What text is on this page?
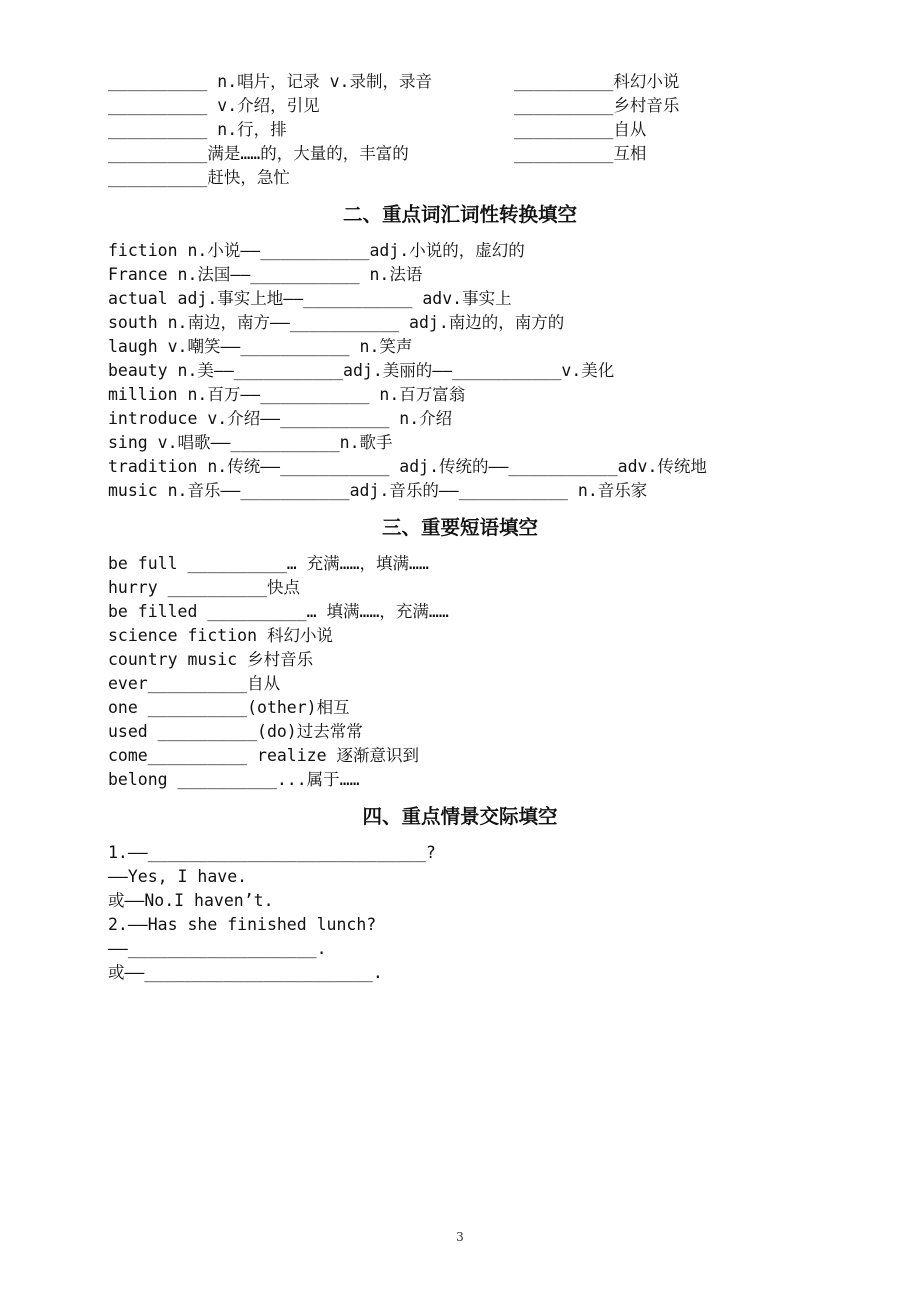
__________ n.唱片，记录 v.录制，录音
__________ v.介绍，引见
__________ n.行，排
__________满是……的，大量的，丰富的
__________赶快，急忙
__________科幻小说
__________乡村音乐
__________自从
__________互相
二、重点词汇词性转换填空
fiction n.小说——___________adj.小说的，虚幻的
France n.法国——___________ n.法语
actual adj.事实上地——___________ adv.事实上
south n.南边，南方——___________ adj.南边的，南方的
laugh v.嘲笑——___________ n.笑声
beauty n.美——___________adj.美丽的——___________v.美化
million n.百万——___________ n.百万富翁
introduce v.介绍——___________ n.介绍
sing v.唱歌——___________n.歌手
tradition n.传统——___________ adj.传统的——___________adv.传统地
music n.音乐——___________adj.音乐的——___________ n.音乐家
三、重要短语填空
be full __________… 充满……，填满……
hurry __________快点
be filled __________… 填满……，充满……
science fiction 科幻小说
country music 乡村音乐
ever__________自从
one __________(other)相互
used __________(do)过去常常
come__________ realize 逐渐意识到
belong __________...属于……
四、重点情景交际填空
1.——____________________________?
——Yes, I have.
或——No.I haven’t.
2.——Has she finished lunch?
——___________________.
或——_______________________.
3
